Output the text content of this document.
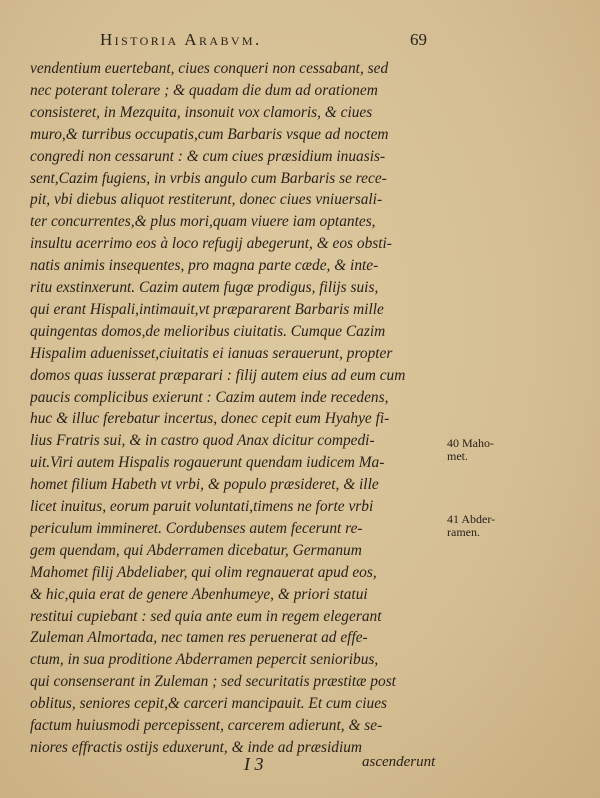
Historia Arabvm.	69
vendentium euertebant, ciues conqueri non cessabant, sed
nec poterant tolerare ; & quadam die dum ad orationem
consisteret, in Mezquita, insonuit vox clamoris, & ciues
muro,& turribus occupatis,cum Barbaris vsque ad noctem
congredi non cessarunt : & cum ciues præsidium inuasis-
sent,Cazim fugiens, in vrbis angulo cum Barbaris se rece-
pit, vbi diebus aliquot restiterunt, donec ciues vniuersali-
ter concurrentes,& plus mori,quam viuere iam optantes,
insultu acerrimo eos à loco refugij abegerunt, & eos obsti-
natis animis insequentes, pro magna parte cæde, & inte-
ritu exstinxerunt. Cazim autem fugæ prodigus, filijs suis,
qui erant Hispali,intimauit,vt præpararent Barbaris mille
quingentas domos,de melioribus ciuitatis. Cumque Cazim
Hispalim aduenisset,ciuitatis ei ianuas serauerunt, propter
domos quas iusserat præparari : filij autem eius ad eum cum
paucis complicibus exierunt : Cazim autem inde recedens,
huc & illuc ferebatur incertus, donec cepit eum Hyahye fi-
lius Fratris sui, & in castro quod Anax dicitur compedi-
uit.Viri autem Hispalis rogauerunt quendam iudicem Ma-
homet filium Habeth vt vrbi, & populo præsideret, & ille
licet inuitus, eorum paruit voluntati,timens ne forte vrbi
periculum immineret. Cordubenses autem fecerunt re-
gem quendam, qui Abderramen dicebatur, Germanum
Mahomet filij Abdeliaber, qui olim regnauerat apud eos,
& hic,quia erat de genere Abenhumeye, & priori statui
restitui cupiebant : sed quia ante eum in regem elegerant
Zuleman Almortada, nec tamen res peruenerat ad effe-
ctum, in sua proditione Abderramen pepercit senioribus,
qui consenserant in Zuleman ; sed securitatis præstitæ post
oblitus, seniores cepit,& carceri mancipauit. Et cum ciues
factum huiusmodi percepissent, carcerem adierunt, & se-
niores effractis ostijs eduxerunt, & inde ad præsidium
40 Maho-
met.
41 Abder-
ramen.
I 3	ascenderunt
